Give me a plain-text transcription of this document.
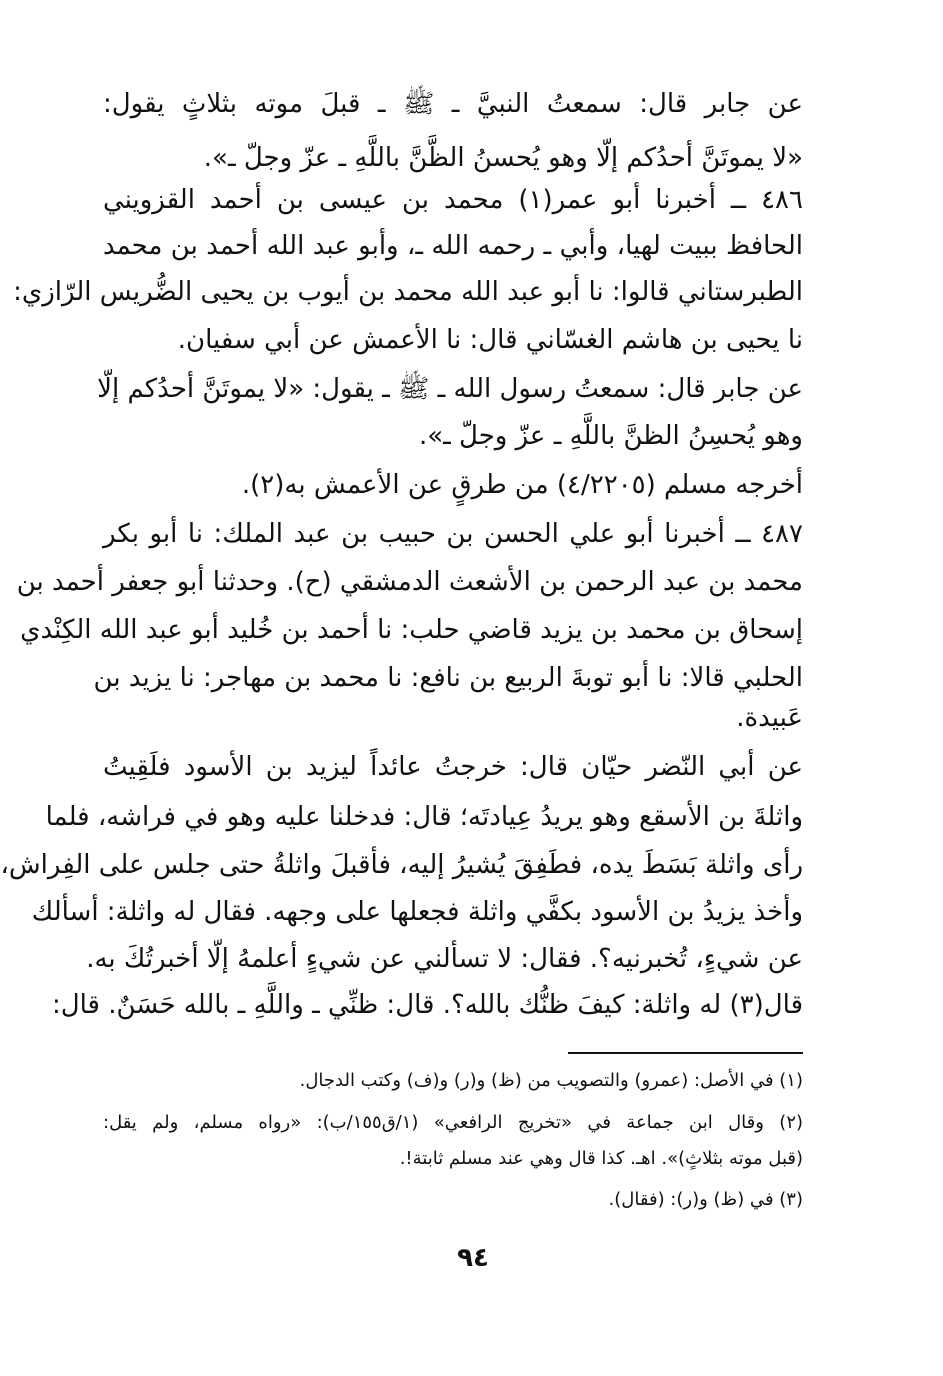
عن جابر قال: سمعتُ النبيَّ ـ ﷺ ـ قبلَ موته بثلاثٍ يقول:
«لا يموتَنَّ أحدُكم إلّا وهو يُحسنُ الظَّنَّ باللَّهِ ـ عزّ وجلّ ـ».
٤٨٦ ــ أخبرنا أبو عمر(١) محمد بن عيسى بن أحمد القزويني
الحافظ ببيت لهيا، وأبي ـ رحمه الله ـ، وأبو عبد الله أحمد بن محمد
الطبرستاني قالوا: نا أبو عبد الله محمد بن أيوب بن يحيى الضُّريس الرّازي:
نا يحيى بن هاشم الغسّاني قال: نا الأعمش عن أبي سفيان.
عن جابر قال: سمعتُ رسول الله ـ ﷺ ـ يقول: «لا يموتَنَّ أحدُكم إلّا
وهو يُحسِنُ الظنَّ باللَّهِ ـ عزّ وجلّ ـ».
أخرجه مسلم (٤/٢٢٠٥) من طرقٍ عن الأعمش به(٢).
٤٨٧ ــ أخبرنا أبو علي الحسن بن حبيب بن عبد الملك: نا أبو بكر
محمد بن عبد الرحمن بن الأشعث الدمشقي (ح). وحدثنا أبو جعفر أحمد بن
إسحاق بن محمد بن يزيد قاضي حلب: نا أحمد بن خُليد أبو عبد الله الكِنْدي
الحلبي قالا: نا أبو توبةَ الربيع بن نافع: نا محمد بن مهاجر: نا يزيد بن
عَبيدة.
عن أبي النّضر حيّان قال: خرجتُ عائداً ليزيد بن الأسود فلَقِيتُ
واثلةَ بن الأسقع وهو يريدُ عِيادتَه؛ قال: فدخلنا عليه وهو في فراشه، فلما
رأى واثلة بَسَطَ يده، فطَفِقَ يُشيرُ إليه، فأقبلَ واثلةُ حتى جلس على الفِراش،
وأخذ يزيدُ بن الأسود بكفَّي واثلة فجعلها على وجهه. فقال له واثلة: أسألك
عن شيءٍ، تُخبرنيه؟. فقال: لا تسألني عن شيءٍ أعلمهُ إلّا أخبرتُكَ به.
قال(٣) له واثلة: كيفَ ظنُّك بالله؟. قال: ظنِّي ـ واللَّهِ ـ بالله حَسَنٌ. قال:
(١) في الأصل: (عمرو) والتصويب من (ظ) و(ر) و(ف) وكتب الدجال.
(٢) وقال ابن جماعة في «تخريج الرافعي» (١/ق١٥٥/ب): «رواه مسلم، ولم يقل:
(قبل موته بثلاثٍ)». اهـ. كذا قال وهي عند مسلم ثابتة!.
(٣) في (ظ) و(ر): (فقال).
٩٤
